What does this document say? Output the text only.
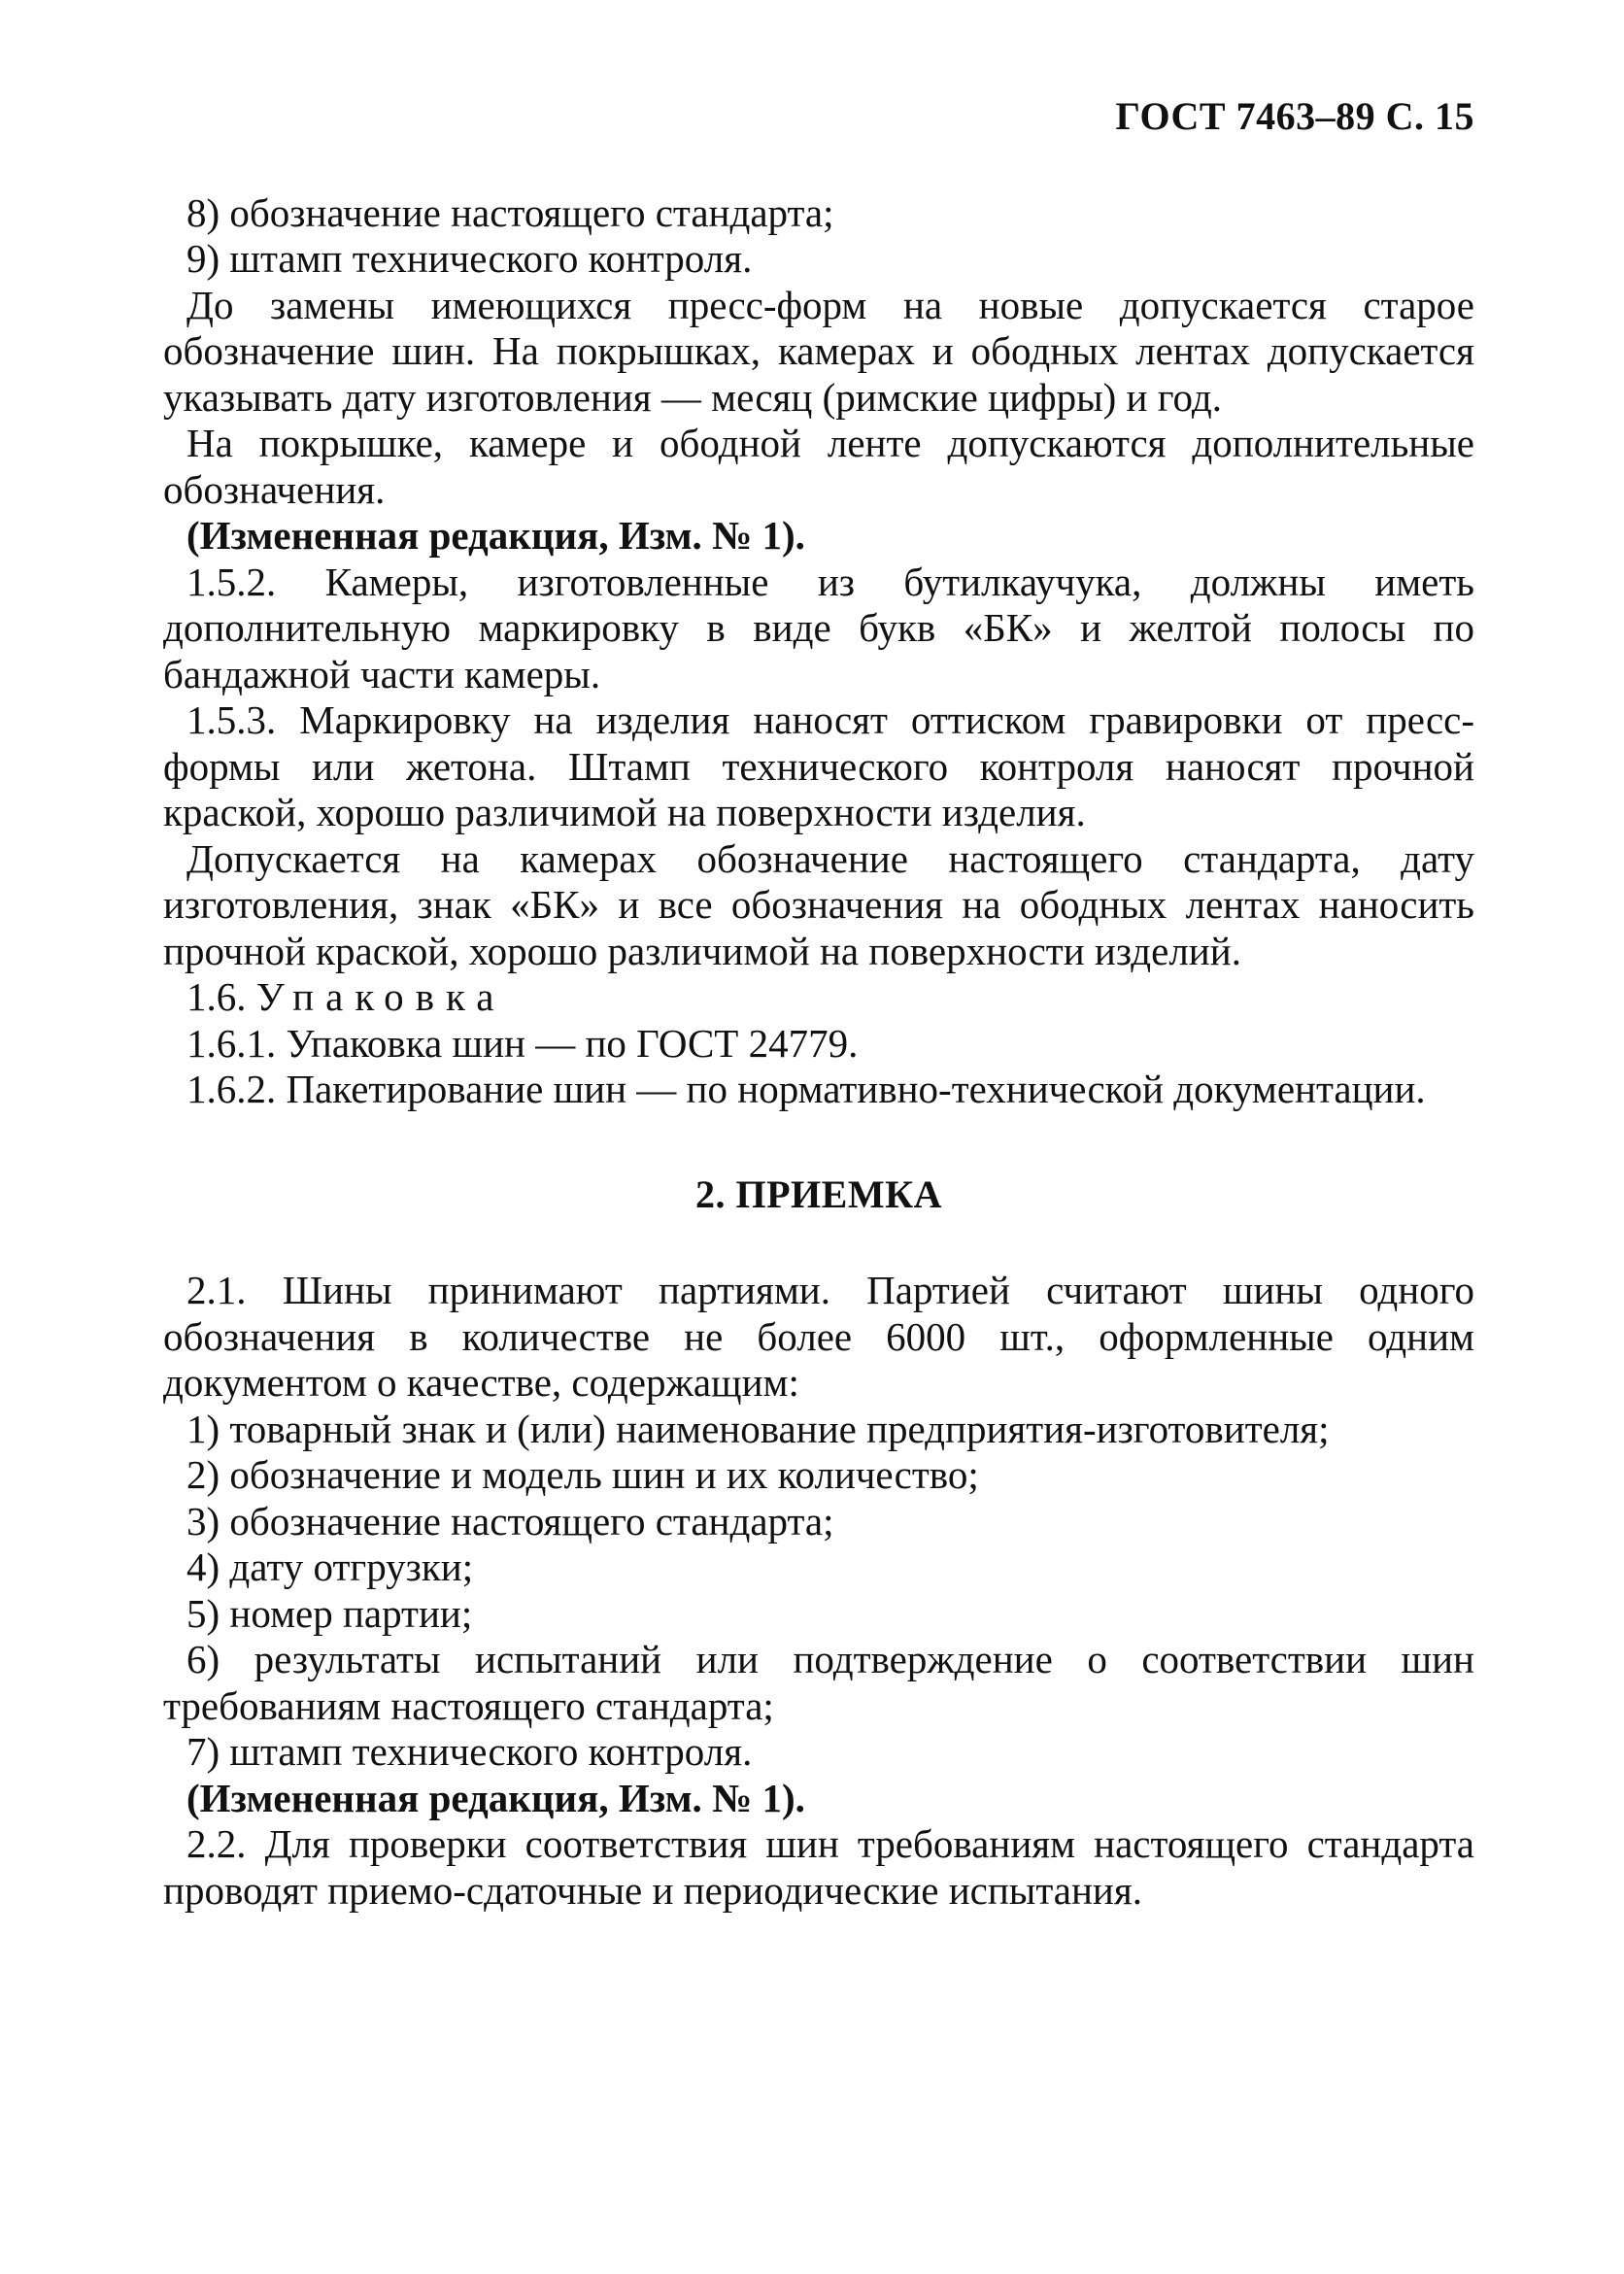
ГОСТ 7463–89 С. 15

8) обозначение настоящего стандарта;

9) штамп технического контроля.

До замены имеющихся пресс-форм на новые допускается старое обозначение шин. На покрышках, камерах и ободных лентах допускается указывать дату изготовления — месяц (римские цифры) и год.

На покрышке, камере и ободной ленте допускаются дополнительные обозначения.

(Измененная редакция, Изм. № 1).

1.5.2. Камеры, изготовленные из бутилкаучука, должны иметь дополнительную маркировку в виде букв «БК» и желтой полосы по бандажной части камеры.

1.5.3. Маркировку на изделия наносят оттиском гравировки от пресс-формы или жетона. Штамп технического контроля наносят прочной краской, хорошо различимой на поверхности изделия.

Допускается на камерах обозначение настоящего стандарта, дату изготовления, знак «БК» и все обозначения на ободных лентах наносить прочной краской, хорошо различимой на поверхности изделий.

1.6. Упаковка

1.6.1. Упаковка шин — по ГОСТ 24779.

1.6.2. Пакетирование шин — по нормативно-технической документации.

2. ПРИЕМКА

2.1. Шины принимают партиями. Партией считают шины одного обозначения в количестве не более 6000 шт., оформленные одним документом о качестве, содержащим:

1) товарный знак и (или) наименование предприятия-изготовителя;

2) обозначение и модель шин и их количество;

3) обозначение настоящего стандарта;

4) дату отгрузки;

5) номер партии;

6) результаты испытаний или подтверждение о соответствии шин требованиям настоящего стандарта;

7) штамп технического контроля.

(Измененная редакция, Изм. № 1).

2.2. Для проверки соответствия шин требованиям настоящего стандарта проводят приемо-сдаточные и периодические испытания.
